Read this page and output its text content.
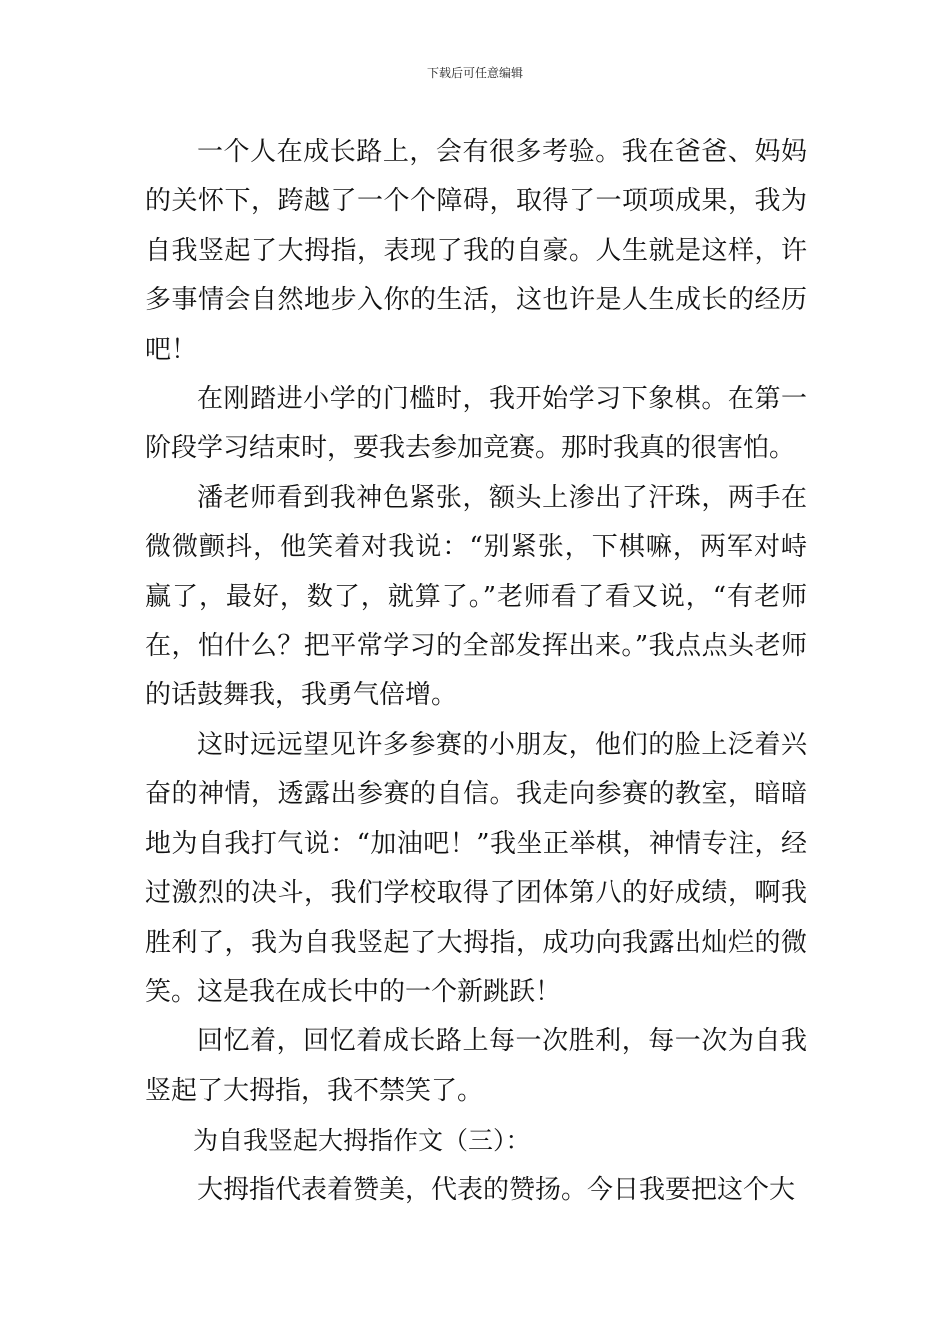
下载后可任意编辑

一个人在成长路上，会有很多考验。我在爸爸、妈妈的关怀下，跨越了一个个障碍，取得了一项项成果，我为自我竖起了大拇指，表现了我的自豪。人生就是这样，许多事情会自然地步入你的生活，这也许是人生成长的经历吧！

在刚踏进小学的门槛时，我开始学习下象棋。在第一阶段学习结束时，要我去参加竞赛。那时我真的很害怕。

潘老师看到我神色紧张，额头上渗出了汗珠，两手在微微颤抖，他笑着对我说：“别紧张，下棋嘛，两军对峙赢了，最好，数了，就算了。”老师看了看又说，“有老师在，怕什么？把平常学习的全部发挥出来。”我点点头老师的话鼓舞我，我勇气倍增。

这时远远望见许多参赛的小朋友，他们的脸上泛着兴奋的神情，透露出参赛的自信。我走向参赛的教室，暗暗地为自我打气说：“加油吧！”我坐正举棋，神情专注，经过激烈的决斗，我们学校取得了团体第八的好成绩，啊我胜利了，我为自我竖起了大拇指，成功向我露出灿烂的微笑。这是我在成长中的一个新跳跃！

回忆着，回忆着成长路上每一次胜利，每一次为自我竖起了大拇指，我不禁笑了。

为自我竖起大拇指作文（三）：

大拇指代表着赞美，代表的赞扬。今日我要把这个大
